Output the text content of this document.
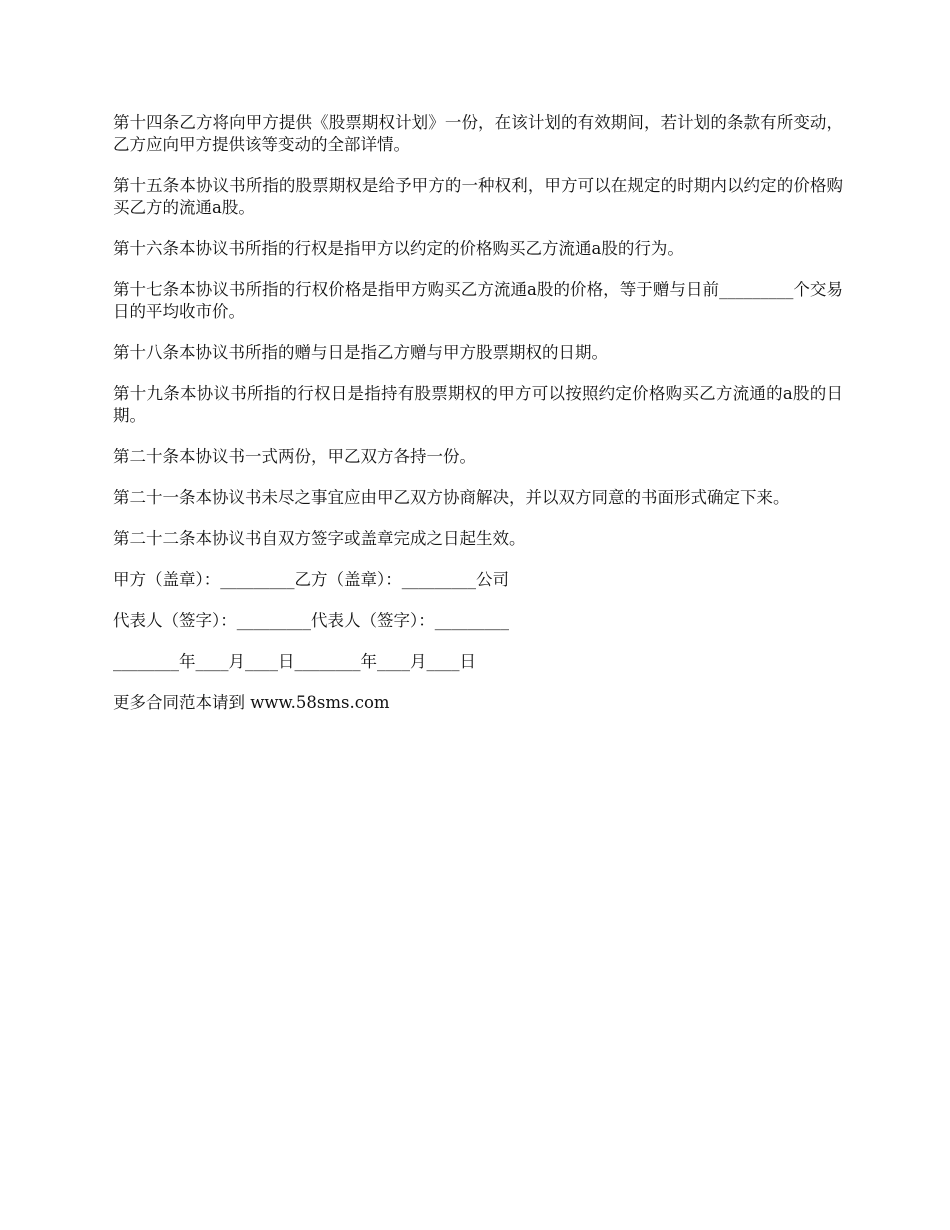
第十四条乙方将向甲方提供《股票期权计划》一份，在该计划的有效期间，若计划的条款有所变动，乙方应向甲方提供该等变动的全部详情。

第十五条本协议书所指的股票期权是给予甲方的一种权利，甲方可以在规定的时期内以约定的价格购买乙方的流通a股。

第十六条本协议书所指的行权是指甲方以约定的价格购买乙方流通a股的行为。

第十七条本协议书所指的行权价格是指甲方购买乙方流通a股的价格，等于赠与日前_________个交易日的平均收市价。

第十八条本协议书所指的赠与日是指乙方赠与甲方股票期权的日期。

第十九条本协议书所指的行权日是指持有股票期权的甲方可以按照约定价格购买乙方流通的a股的日期。

第二十条本协议书一式两份，甲乙双方各持一份。

第二十一条本协议书未尽之事宜应由甲乙双方协商解决，并以双方同意的书面形式确定下来。

第二十二条本协议书自双方签字或盖章完成之日起生效。

甲方（盖章）：_________乙方（盖章）：_________公司

代表人（签字）：_________代表人（签字）：_________

________年____月____日________年____月____日

更多合同范本请到 www.58sms.com
